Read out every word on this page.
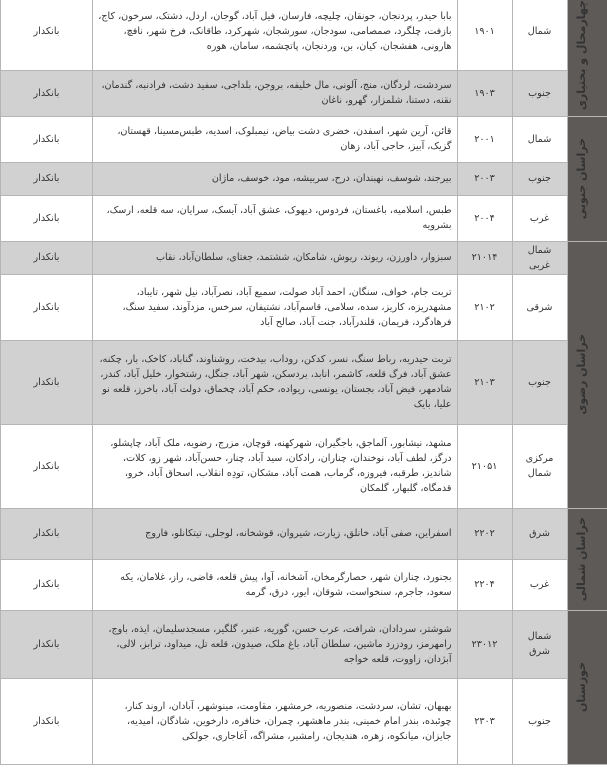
چهارمحال و بختیاری	شمال	۱۹۰۱	بابا حیدر، پردنجان، جونقان، چلیچه، فارسان، فیل آباد، گوجان، اردل، دشتک، سرخون، کاج، بازفت، چلگرد، صمصامی، سودجان، سورشجان، شهرکرد، طاقانک، فرخ شهر، نافچ، هارونی، هفشجان، کیان، بن، وردنجان، پاتچشمه، سامان، هوره	بانکدار
	جنوب	۱۹۰۳	سردشت، لردگان، منج، آلونی، مال خلیفه، بروجن، بلداجی، سفید دشت، فرادنبه، گندمان، نقنه، دستنا، شلمزار، گهرو، ناغان	بانکدار

خراسان جنوبی	شمال	۲۰۰۱	قائن، آرین شهر، اسفدن، خضری دشت بیاض، نیمبلوک، اسدیه، طبس‌مسینا، قهستان، گزیک، آبیز، حاجی آباد، زهان	بانکدار
	جنوب	۲۰۰۳	بیرجند، شوسف، نهبندان، درح، سربیشه، مود، خوسف، ماژان	بانکدار
	غرب	۲۰۰۴	طبس، اسلامیه، باغستان، فردوس، دیهوک، عشق آباد، آیسک، سرایان، سه قلعه، ارسک، بشرویه	بانکدار

خراسان رضوی	شمال غربی	۲۱۰۱۴	سبزوار، داورزن، ریوند، ریوش، شامکان، ششتمد، جغتای، سلطان‌آباد، نقاب	بانکدار
	شرقی	۲۱۰۲	تربت جام، خواف، سنگان، احمد آباد صولت، سمیع آباد، نصرآباد، نیل شهر، تایباد، مشهدریزه، کاریز، سده، سلامی، قاسم‌آباد، نشتیفان، سرخس، مزدآوند، سفید سنگ، فرهادگرد، فریمان، قلندرآباد، جنت آباد، صالح آباد	بانکدار
	جنوب	۲۱۰۳	تربت حیدریه، رباط سنگ، نسر، کدکن، روداب، بیدخت، روشناوند، گناباد، کاخک، بار، چکنه، عشق آباد، فرگ قلعه، کاشمر، انابد، بردسکن، شهر آباد، جنگل، رشتخوار، خلیل آباد، کندر، شادمهر، فیض آباد، بجستان، یونسی، ریواده، حکم آباد، چخماق، دولت آباد، باخرز، قلعه نو علیا، بایک	بانکدار
	مرکزی شمال	۲۱۰۵۱	مشهد، نیشابور، آلماجق، باجگیران، شهرکهنه، قوچان، مزرج، رضویه، ملک آباد، چاپشلو، درگز، لطف آباد، نوخندان، چناران، رادکان، سید آباد، چنار، حسن‌آباد، شهر زو، کلات، شاندیز، طرقبه، فیروزه، گرماب، همت آباد، مشکان، تودِه انقلاب، اسحاق آباد، خرو، قدمگاه، گلبهار، گلمکان	بانکدار

خراسان شمالی	شرق	۲۲۰۲	اسفراین، صفی آباد، خانلق، زیارت، شیروان، قوشخانه، لوجلی، تیتکانلو، فاروج	بانکدار
	غرب	۲۲۰۴	بجنورد، چناران شهر، حصارگرمخان، آشخانه، آوا، پیش قلعه، قاضی، راز، غلامان، یکه سعود، جاجرم، سنخواست، شوقان، ایور، درق، گرمه	بانکدار

خوزستان	شمال شرق	۲۳۰۱۲	شوشتر، سردادان، شرافت، عرب حسن، گوریه، عنبر، گلگیر، مسجدسلیمان، ایذه، باوج، رامهرمز، رودزرد ماشین، سلطان آباد، باغ ملک، صیدون، قلعه تل، میداود، ترابز، لالی، آبژدان، زاووت، قلعه خواجه	بانکدار
	جنوب	۲۳۰۳	بهبهان، تشان، سردشت، منصوریه، خرمشهر، مقاومت، مینوشهر، آبادان، اروند کنار، چوئبده، بندر امام خمینی، بندر ماهشهر، چمران، خنافره، دارخوین، شادگان، امیدیه، جایزان، میانکوه، زهره، هندیجان، رامشیر، مشراگه، آغاجاری، جولکی	بانکدار
